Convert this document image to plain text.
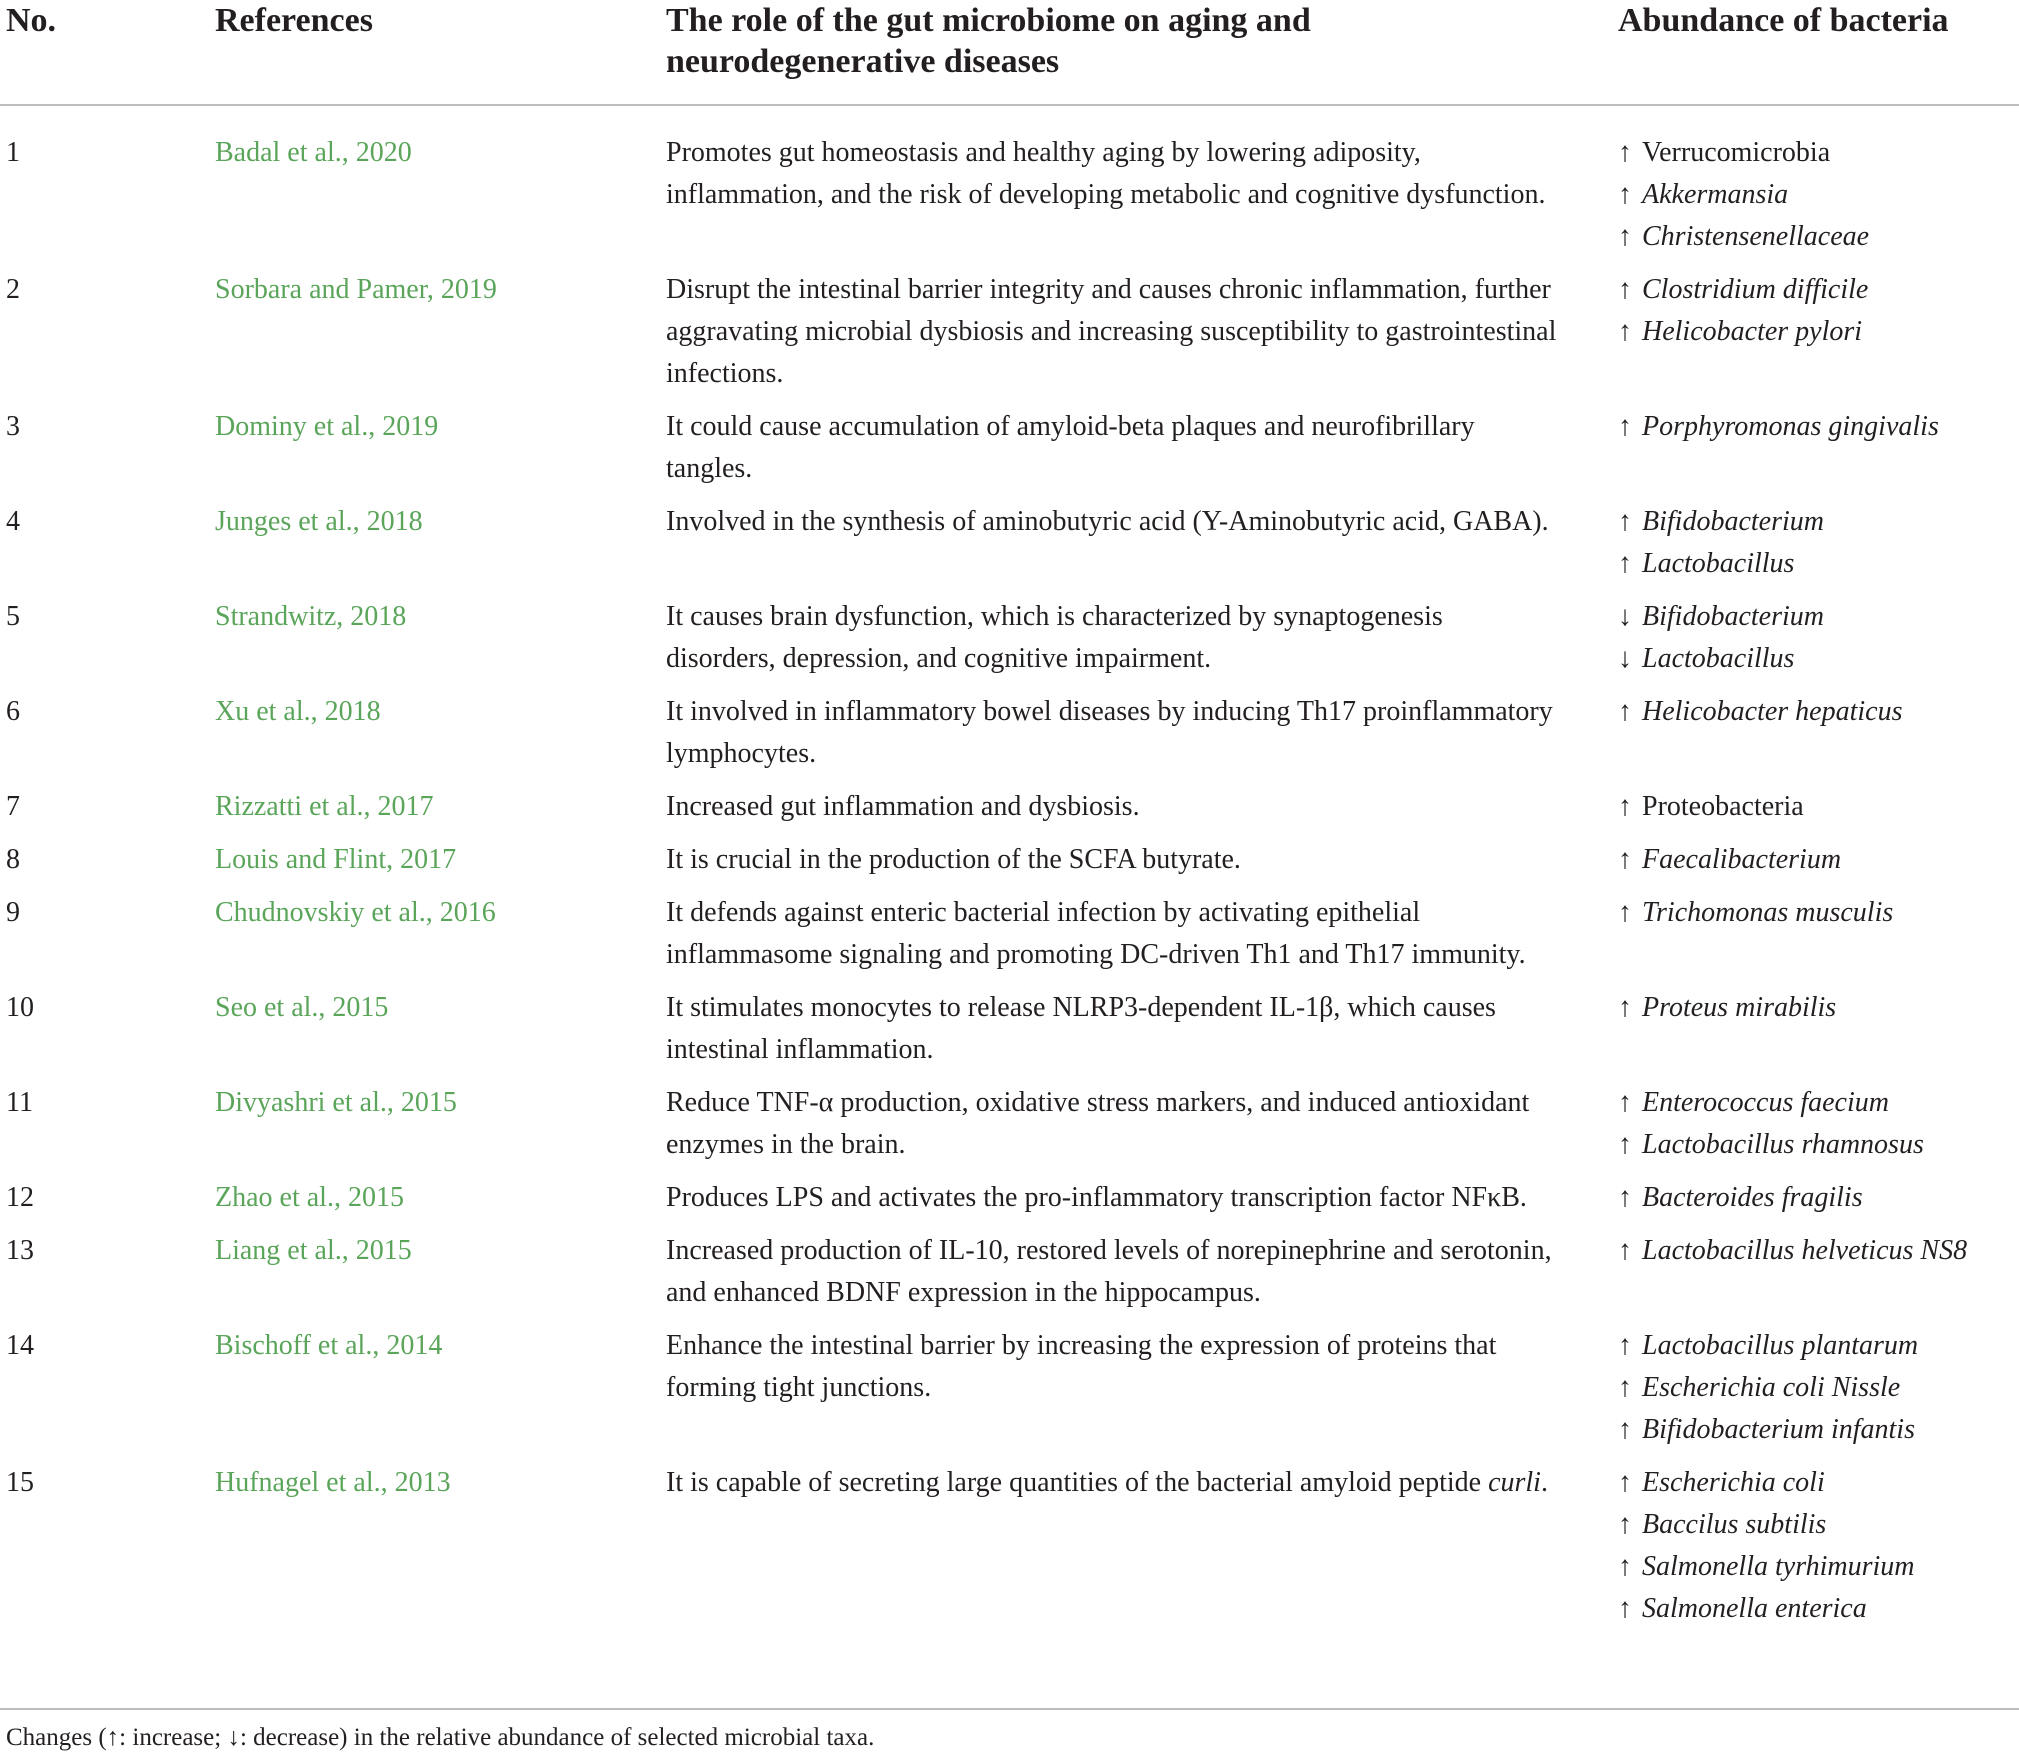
No.	References	The role of the gut microbiome on aging and neurodegenerative diseases	Abundance of bacteria

1	Badal et al., 2020	Promotes gut homeostasis and healthy aging by lowering adiposity, inflammation, and the risk of developing metabolic and cognitive dysfunction.	↑ Verrucomicrobia
↑ Akkermansia
↑ Christensenellaceae

2	Sorbara and Pamer, 2019	Disrupt the intestinal barrier integrity and causes chronic inflammation, further aggravating microbial dysbiosis and increasing susceptibility to gastrointestinal infections.	↑ Clostridium difficile
↑ Helicobacter pylori

3	Dominy et al., 2019	It could cause accumulation of amyloid-beta plaques and neurofibrillary tangles.	↑ Porphyromonas gingivalis

4	Junges et al., 2018	Involved in the synthesis of aminobutyric acid (Υ-Aminobutyric acid, GABA).	↑ Bifidobacterium
↑ Lactobacillus

5	Strandwitz, 2018	It causes brain dysfunction, which is characterized by synaptogenesis disorders, depression, and cognitive impairment.	↓ Bifidobacterium
↓ Lactobacillus

6	Xu et al., 2018	It involved in inflammatory bowel diseases by inducing Th17 proinflammatory lymphocytes.	↑ Helicobacter hepaticus

7	Rizzatti et al., 2017	Increased gut inflammation and dysbiosis.	↑ Proteobacteria

8	Louis and Flint, 2017	It is crucial in the production of the SCFA butyrate.	↑ Faecalibacterium

9	Chudnovskiy et al., 2016	It defends against enteric bacterial infection by activating epithelial inflammasome signaling and promoting DC-driven Th1 and Th17 immunity.	↑ Trichomonas musculis

10	Seo et al., 2015	It stimulates monocytes to release NLRP3-dependent IL-1β, which causes intestinal inflammation.	↑ Proteus mirabilis

11	Divyashri et al., 2015	Reduce TNF-α production, oxidative stress markers, and induced antioxidant enzymes in the brain.	↑ Enterococcus faecium
↑ Lactobacillus rhamnosus

12	Zhao et al., 2015	Produces LPS and activates the pro-inflammatory transcription factor NFκB.	↑ Bacteroides fragilis

13	Liang et al., 2015	Increased production of IL-10, restored levels of norepinephrine and serotonin, and enhanced BDNF expression in the hippocampus.	↑ Lactobacillus helveticus NS8

14	Bischoff et al., 2014	Enhance the intestinal barrier by increasing the expression of proteins that forming tight junctions.	↑ Lactobacillus plantarum
↑ Escherichia coli Nissle
↑ Bifidobacterium infantis

15	Hufnagel et al., 2013	It is capable of secreting large quantities of the bacterial amyloid peptide curli.	↑ Escherichia coli
↑ Baccilus subtilis
↑ Salmonella tyrhimurium
↑ Salmonella enterica
Changes (↑: increase; ↓: decrease) in the relative abundance of selected microbial taxa.
